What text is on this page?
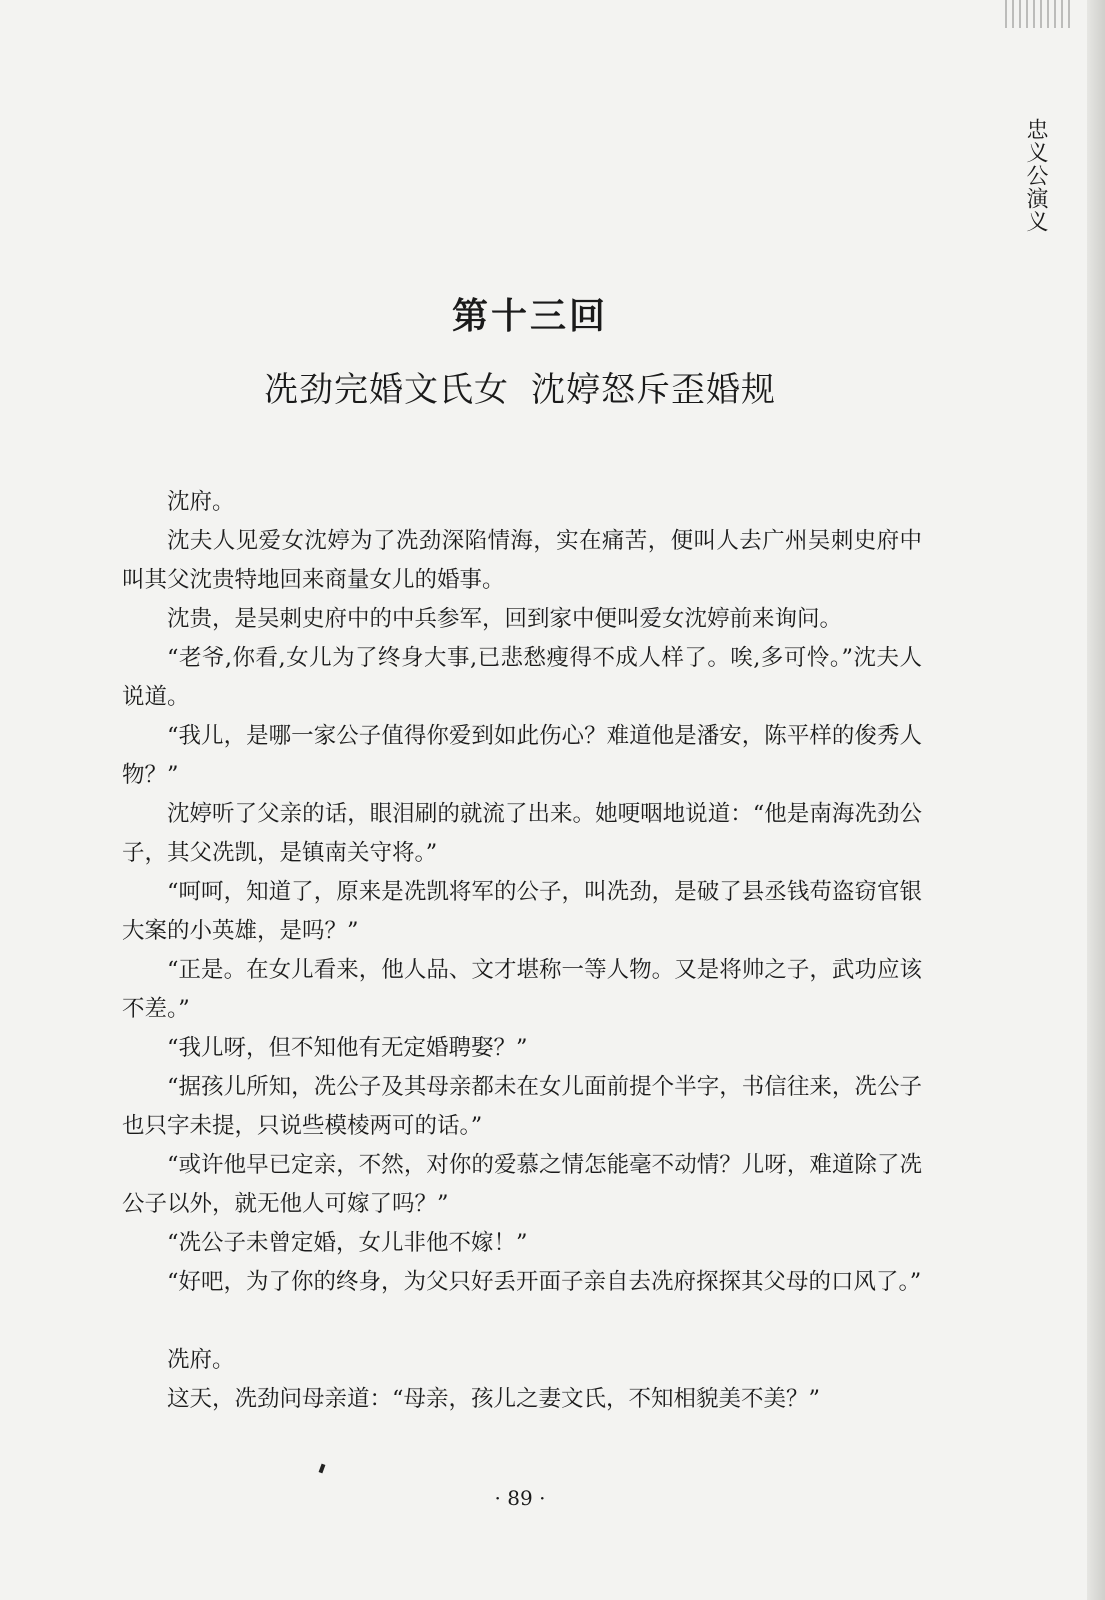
忠义公演义
第十三回
冼劲完婚文氏女 沈婷怒斥歪婚规

沈府。

沈夫人见爱女沈婷为了冼劲深陷情海，实在痛苦，便叫人去广州吴刺史府中叫其父沈贵特地回来商量女儿的婚事。

沈贵，是吴刺史府中的中兵参军，回到家中便叫爱女沈婷前来询问。

“老爷,你看,女儿为了终身大事,已悲愁瘦得不成人样了。唉,多可怜。”沈夫人说道。

“我儿，是哪一家公子值得你爱到如此伤心？难道他是潘安，陈平样的俊秀人物？”

沈婷听了父亲的话，眼泪刷的就流了出来。她哽咽地说道：“他是南海冼劲公子，其父冼凯，是镇南关守将。”

“呵呵，知道了，原来是冼凯将军的公子，叫冼劲，是破了县丞钱苟盗窃官银大案的小英雄，是吗？”

“正是。在女儿看来，他人品、文才堪称一等人物。又是将帅之子，武功应该不差。”

“我儿呀，但不知他有无定婚聘娶？”

“据孩儿所知，冼公子及其母亲都未在女儿面前提个半字，书信往来，冼公子也只字未提，只说些模棱两可的话。”

“或许他早已定亲，不然，对你的爱慕之情怎能毫不动情？儿呀，难道除了冼公子以外，就无他人可嫁了吗？”

“冼公子未曾定婚，女儿非他不嫁！”

“好吧，为了你的终身，为父只好丢开面子亲自去冼府探探其父母的口风了。”

冼府。

这天，冼劲问母亲道：“母亲，孩儿之妻文氏，不知相貌美不美？”

· 89 ·
